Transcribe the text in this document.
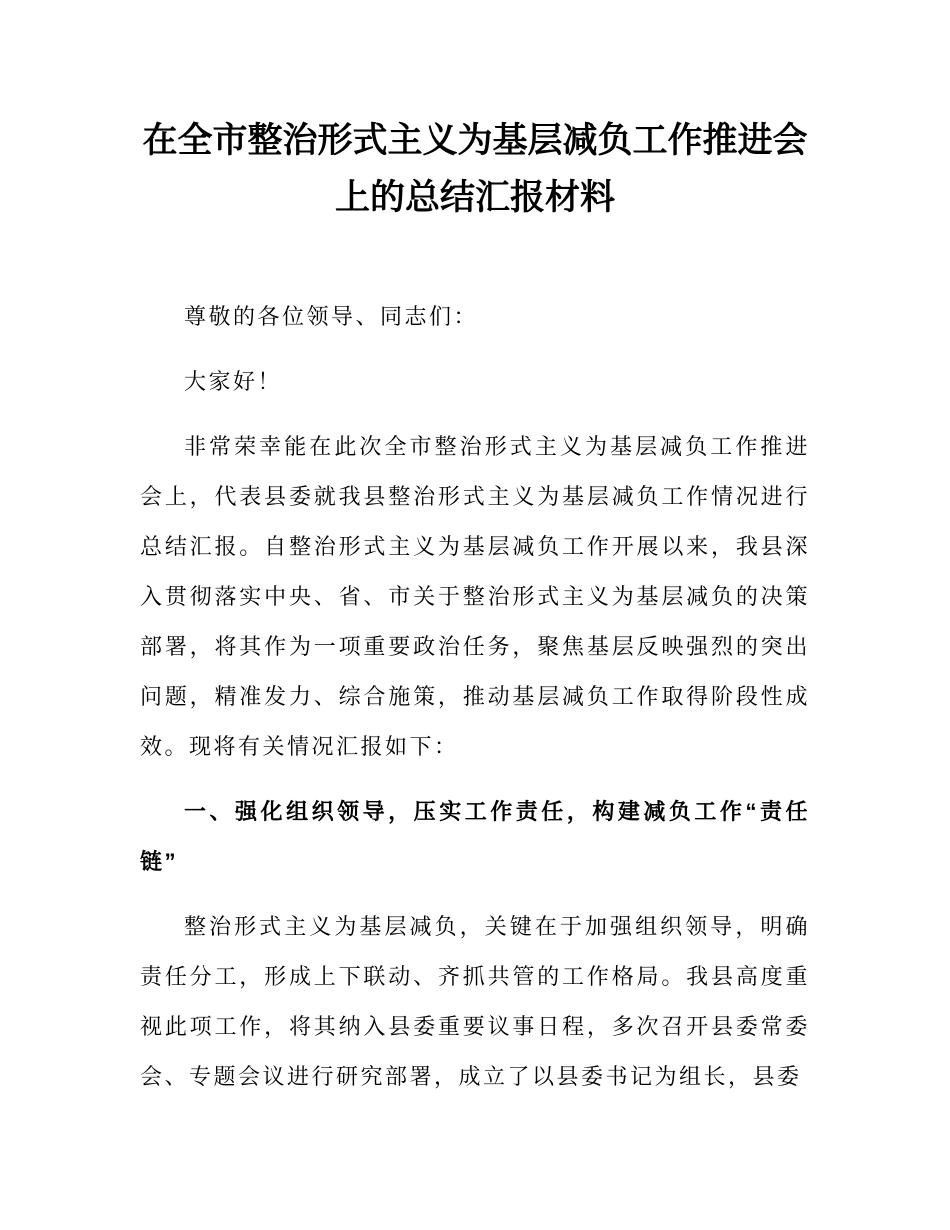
在全市整治形式主义为基层减负工作推进会
上的总结汇报材料

尊敬的各位领导、同志们：

大家好！

非常荣幸能在此次全市整治形式主义为基层减负工作推进会上，代表县委就我县整治形式主义为基层减负工作情况进行总结汇报。自整治形式主义为基层减负工作开展以来，我县深入贯彻落实中央、省、市关于整治形式主义为基层减负的决策部署，将其作为一项重要政治任务，聚焦基层反映强烈的突出问题，精准发力、综合施策，推动基层减负工作取得阶段性成效。现将有关情况汇报如下：

一、强化组织领导，压实工作责任，构建减负工作“责任链”

整治形式主义为基层减负，关键在于加强组织领导，明确责任分工，形成上下联动、齐抓共管的工作格局。我县高度重视此项工作，将其纳入县委重要议事日程，多次召开县委常委会、专题会议进行研究部署，成立了以县委书记为组长，县委
